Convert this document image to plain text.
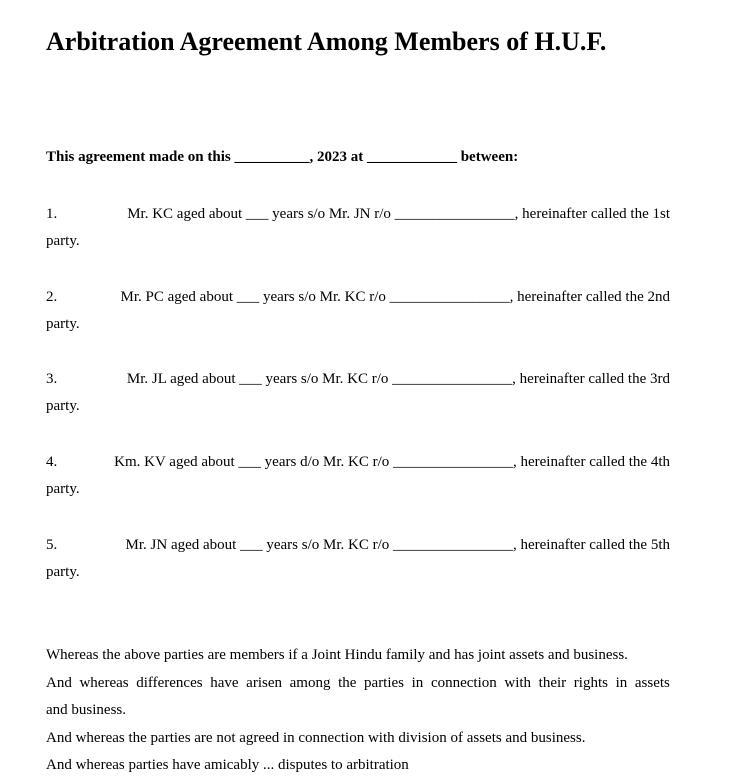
Arbitration Agreement Among Members of H.U.F.
This agreement made on this __________, 2023 at ____________ between:
1.	Mr. KC aged about ___ years s/o Mr. JN r/o ________________, hereinafter called the 1st
party.
2.	Mr. PC aged about ___ years s/o Mr. KC r/o ________________, hereinafter called the 2nd
party.
3.	Mr. JL aged about ___ years s/o Mr. KC r/o ________________, hereinafter called the 3rd
party.
4.	Km. KV aged about ___ years d/o Mr. KC r/o ________________, hereinafter called the 4th
party.
5.	Mr. JN aged about ___ years s/o Mr. KC r/o ________________, hereinafter called the 5th
party.
Whereas the above parties are members if a Joint Hindu family and has joint assets and business.
And whereas differences have arisen among the parties in connection with their rights in assets
and business.
And whereas the parties are not agreed in connection with division of assets and business.
And whereas parties have amicably ... disputes to arbitration
